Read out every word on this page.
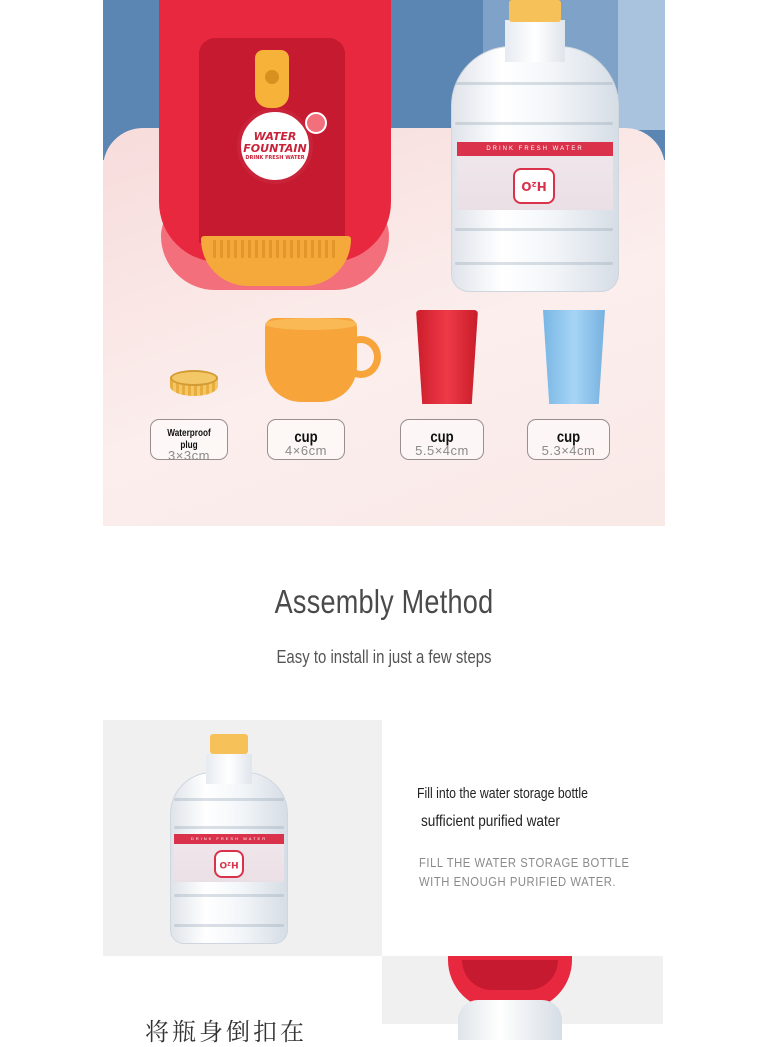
WATER
FOUNTAIN
DRINK FRESH WATER
DRINK FRESH WATER
H₂O
Waterproof plug
3×3cm
cup
4×6cm
cup
5.5×4cm
cup
5.3×4cm
Assembly Method
Easy to install in just a few steps
DRINK FRESH WATER
H₂O
Fill into the water storage bottle
sufficient purified water
FILL THE WATER STORAGE BOTTLE
WITH ENOUGH PURIFIED WATER.
将瓶身倒扣在
